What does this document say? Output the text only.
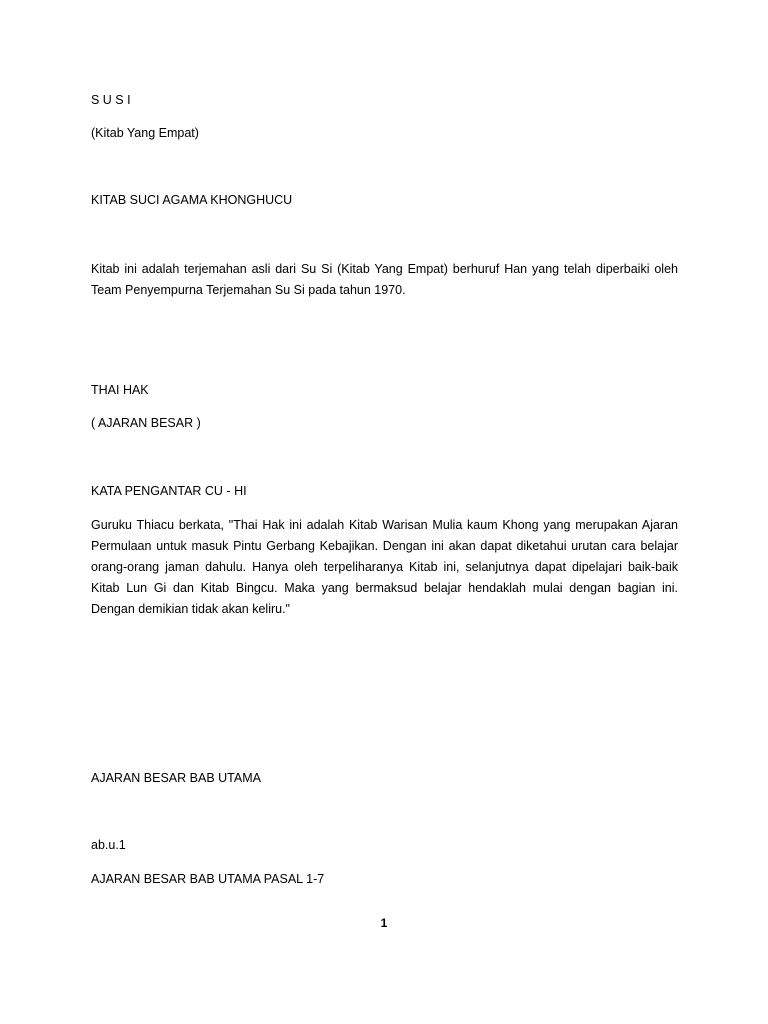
S U S I
(Kitab Yang Empat)
KITAB SUCI AGAMA KHONGHUCU
Kitab ini adalah terjemahan asli dari Su Si (Kitab Yang Empat) berhuruf Han yang telah diperbaiki oleh Team Penyempurna Terjemahan Su Si pada tahun 1970.
THAI HAK
( AJARAN BESAR )
KATA PENGANTAR CU - HI
Guruku Thiacu berkata, "Thai Hak ini adalah Kitab Warisan Mulia kaum Khong yang merupakan Ajaran Permulaan untuk masuk Pintu Gerbang Kebajikan. Dengan ini akan dapat diketahui urutan cara belajar orang-orang jaman dahulu. Hanya oleh terpeliharanya Kitab ini, selanjutnya dapat dipelajari baik-baik Kitab Lun Gi dan Kitab Bingcu. Maka yang bermaksud belajar hendaklah mulai dengan bagian ini. Dengan demikian tidak akan keliru."
AJARAN BESAR BAB UTAMA
ab.u.1
AJARAN BESAR BAB UTAMA PASAL 1-7
1
